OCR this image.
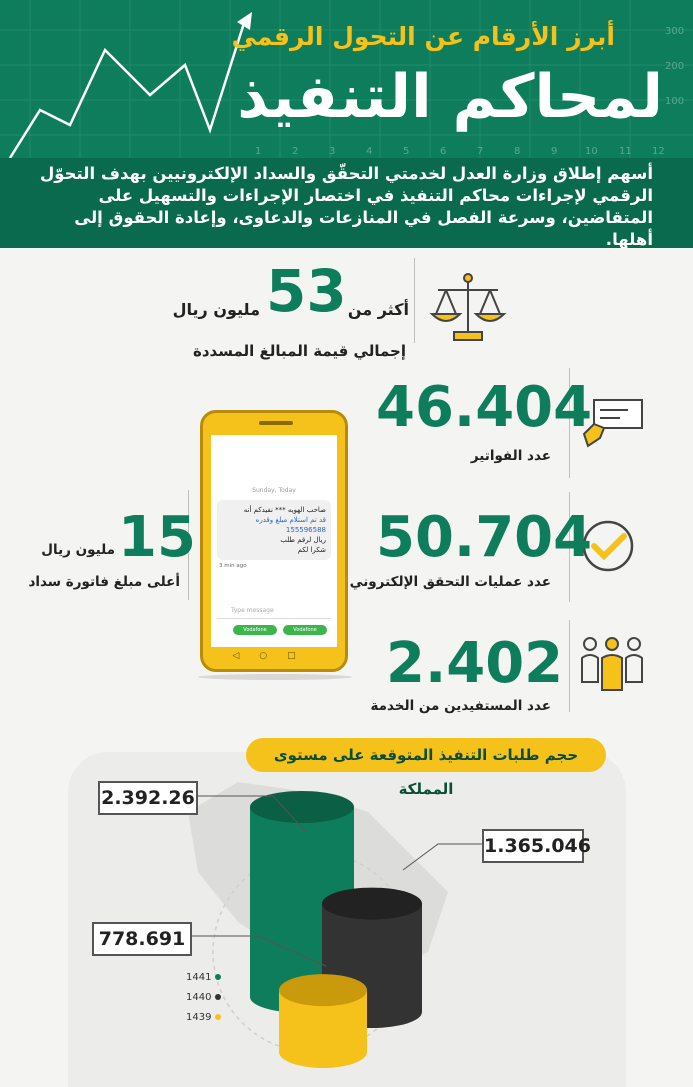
300
200
100
1	2	3	4	5	6	7	8	9	10 11 12
أبرز الأرقام عن التحول الرقمي
لمحاكم التنفيذ
أسهم إطلاق وزارة العدل لخدمتي التحقّق والسداد الإلكترونيين بهدف التحوّل الرقمي لإجراءات محاكم التنفيذ في اختصار الإجراءات والتسهيل على المتقاضين، وسرعة الفصل في المنازعات والدعاوى، وإعادة الحقوق إلى أهلها.
أكثر من
53
مليون ريال
إجمالي قيمة المبالغ المسددة
Sunday, Today
صاحب الهويه *** نفيدكم أنه
قد تم استلام مبلغ وقدره 155596588
ريال لرقم طلب
شكرا لكم
3 min ago
Type message
Vodafone	Vodafone
◁○□
46.404
عدد الفواتير
50.704
عدد عمليات التحقق الإلكتروني
15
مليون ريال
أعلى مبلغ فاتورة سداد
2.402
عدد المستفيدين من الخدمة
حجم طلبات التنفيذ المتوقعة على مستوى المملكة
2.392.26
1.365.046
778.691
1441
1440
1439
